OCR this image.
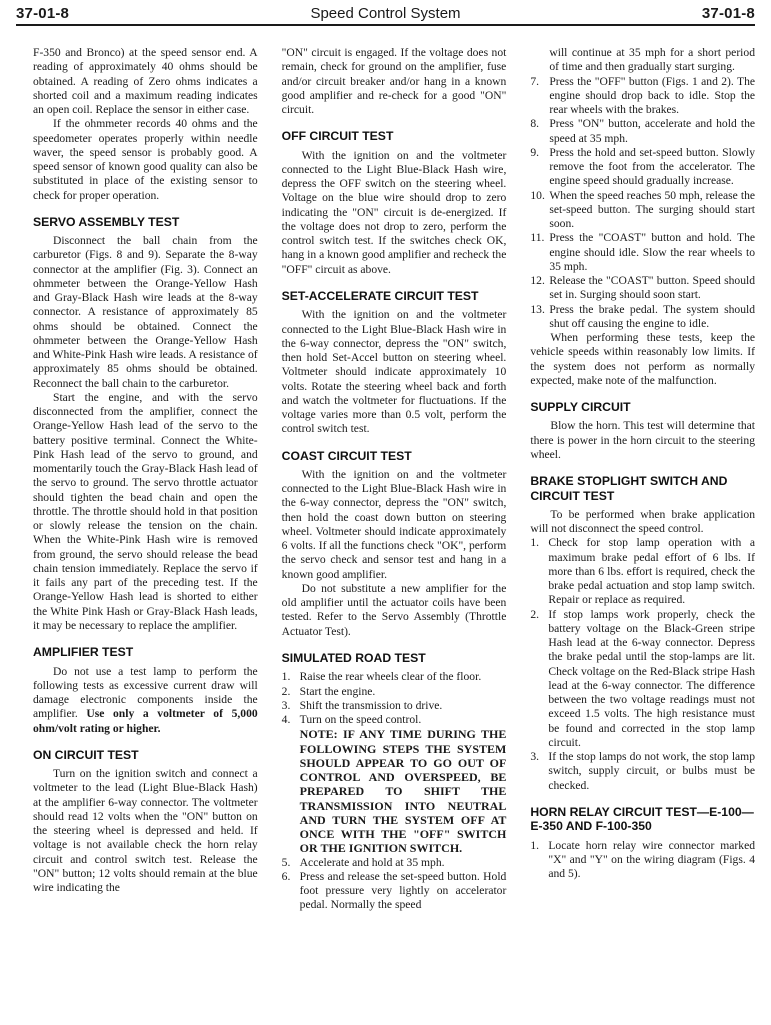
37-01-8	Speed Control System	37-01-8

F-350 and Bronco) at the speed sensor end. A reading of approximately 40 ohms should be obtained. A reading of Zero ohms indicates a shorted coil and a maximum reading indicates an open coil. Replace the sensor in either case.

If the ohmmeter records 40 ohms and the speedometer operates properly within needle waver, the speed sensor is probably good. A speed sensor of known good quality can also be substituted in place of the existing sensor to check for proper operation.

SERVO ASSEMBLY TEST

Disconnect the ball chain from the carburetor (Figs. 8 and 9). Separate the 8-way connector at the amplifier (Fig. 3). Connect an ohmmeter between the Orange-Yellow Hash and Gray-Black Hash wire leads at the 8-way connector. A resistance of approximately 85 ohms should be obtained. Connect the ohmmeter between the Orange-Yellow Hash and White-Pink Hash wire leads. A resistance of approximately 85 ohms should be obtained. Reconnect the ball chain to the carburetor.

Start the engine, and with the servo disconnected from the amplifier, connect the Orange-Yellow Hash lead of the servo to the battery positive terminal. Connect the White-Pink Hash lead of the servo to ground, and momentarily touch the Gray-Black Hash lead of the servo to ground. The servo throttle actuator should tighten the bead chain and open the throttle. The throttle should hold in that position or slowly release the tension on the chain. When the White-Pink Hash wire is removed from ground, the servo should release the bead chain tension immediately. Replace the servo if it fails any part of the preceding test. If the Orange-Yellow Hash lead is shorted to either the White Pink Hash or Gray-Black Hash leads, it may be necessary to replace the amplifier.

AMPLIFIER TEST

Do not use a test lamp to perform the following tests as excessive current draw will damage electronic components inside the amplifier. Use only a voltmeter of 5,000 ohm/volt rating or higher.

ON CIRCUIT TEST

Turn on the ignition switch and connect a voltmeter to the lead (Light Blue-Black Hash) at the amplifier 6-way connector. The voltmeter should read 12 volts when the "ON" button on the steering wheel is depressed and held. If voltage is not available check the horn relay circuit and control switch test. Release the "ON" button; 12 volts should remain at the blue wire indicating the

"ON" circuit is engaged. If the voltage does not remain, check for ground on the amplifier, fuse and/or circuit breaker and/or hang in a known good amplifier and re-check for a good "ON" circuit.

OFF CIRCUIT TEST

With the ignition on and the voltmeter connected to the Light Blue-Black Hash wire, depress the OFF switch on the steering wheel. Voltage on the blue wire should drop to zero indicating the "ON" circuit is de-energized. If the voltage does not drop to zero, perform the control switch test. If the switches check OK, hang in a known good amplifier and recheck the "OFF" circuit as above.

SET-ACCELERATE CIRCUIT TEST

With the ignition on and the voltmeter connected to the Light Blue-Black Hash wire in the 6-way connector, depress the "ON" switch, then hold Set-Accel button on steering wheel. Voltmeter should indicate approximately 10 volts. Rotate the steering wheel back and forth and watch the voltmeter for fluctuations. If the voltage varies more than 0.5 volt, perform the control switch test.

COAST CIRCUIT TEST

With the ignition on and the voltmeter connected to the Light Blue-Black Hash wire in the 6-way connector, depress the "ON" switch, then hold the coast down button on steering wheel. Voltmeter should indicate approximately 6 volts. If all the functions check "OK", perform the servo check and sensor test and hang in a known good amplifier.

Do not substitute a new amplifier for the old amplifier until the actuator coils have been tested. Refer to the Servo Assembly (Throttle Actuator Test).

SIMULATED ROAD TEST
1. Raise the rear wheels clear of the floor.
2. Start the engine.
3. Shift the transmission to drive.
4. Turn on the speed control.
NOTE: IF ANY TIME DURING THE FOLLOWING STEPS THE SYSTEM SHOULD APPEAR TO GO OUT OF CONTROL AND OVERSPEED, BE PREPARED TO SHIFT THE TRANSMISSION INTO NEUTRAL AND TURN THE SYSTEM OFF AT ONCE WITH THE "OFF" SWITCH OR THE IGNITION SWITCH.
5. Accelerate and hold at 35 mph.
6. Press and release the set-speed button. Hold foot pressure very lightly on accelerator pedal. Normally the speed
will continue at 35 mph for a short period of time and then gradually start surging.
7. Press the "OFF" button (Figs. 1 and 2). The engine should drop back to idle. Stop the rear wheels with the brakes.
8. Press "ON" button, accelerate and hold the speed at 35 mph.
9. Press the hold and set-speed button. Slowly remove the foot from the accelerator. The engine speed should gradually increase.
10. When the speed reaches 50 mph, release the set-speed button. The surging should start soon.
11. Press the "COAST" button and hold. The engine should idle. Slow the rear wheels to 35 mph.
12. Release the "COAST" button. Speed should set in. Surging should soon start.
13. Press the brake pedal. The system should shut off causing the engine to idle.

When performing these tests, keep the vehicle speeds within reasonably low limits. If the system does not perform as normally expected, make note of the malfunction.

SUPPLY CIRCUIT

Blow the horn. This test will determine that there is power in the horn circuit to the steering wheel.

BRAKE STOPLIGHT SWITCH AND CIRCUIT TEST

To be performed when brake application will not disconnect the speed control.

1. Check for stop lamp operation with a maximum brake pedal effort of 6 lbs. If more than 6 lbs. effort is required, check the brake pedal actuation and stop lamp switch. Repair or replace as required.
2. If stop lamps work properly, check the battery voltage on the Black-Green stripe Hash lead at the 6-way connector. Depress the brake pedal until the stop-lamps are lit. Check voltage on the Red-Black stripe Hash lead at the 6-way connector. The difference between the two voltage readings must not exceed 1.5 volts. The high resistance must be found and corrected in the stop lamp circuit.
3. If the stop lamps do not work, the stop lamp switch, supply circuit, or bulbs must be checked.
HORN RELAY CIRCUIT TEST—E-100—E-350 AND F-100-350
1. Locate horn relay wire connector marked "X" and "Y" on the wiring diagram (Figs. 4 and 5).
